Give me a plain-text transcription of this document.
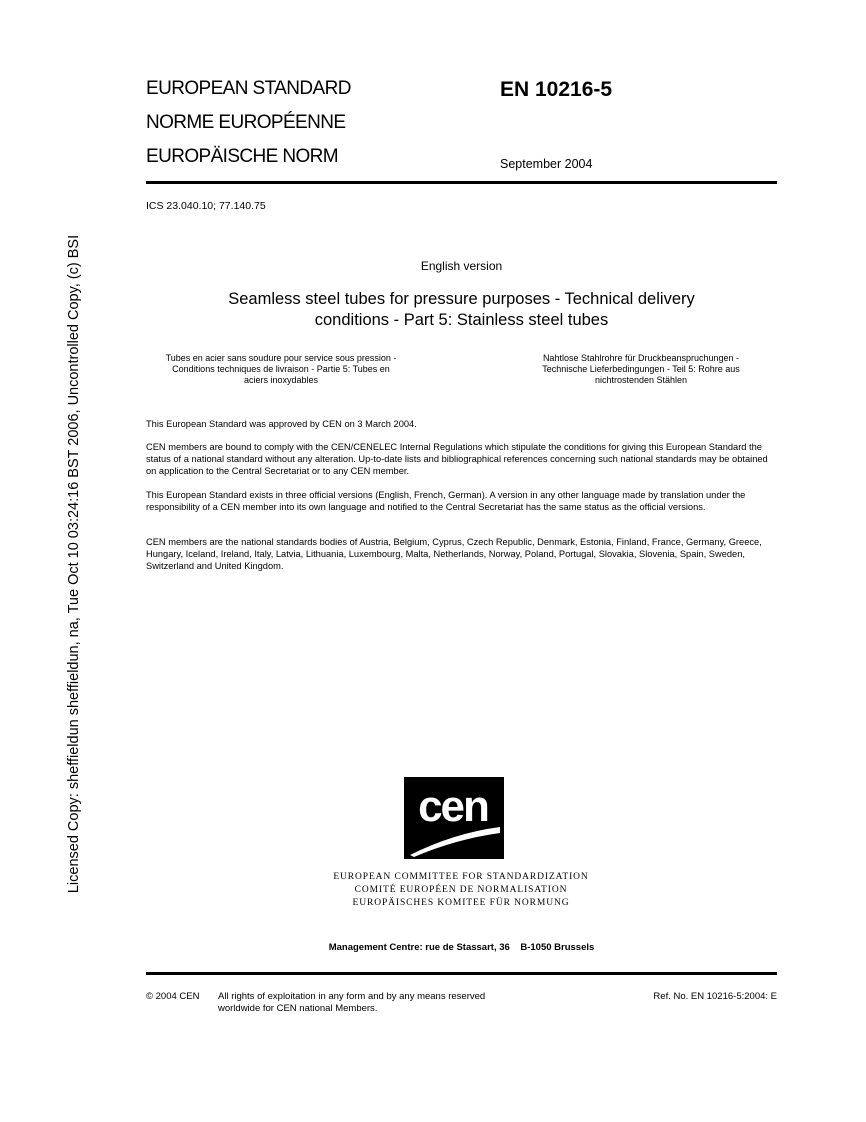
Licensed Copy: sheffieldun sheffieldun, na, Tue Oct 10 03:24:16 BST 2006, Uncontrolled Copy, (c) BSI
EUROPEAN STANDARD
NORME EUROPÉENNE
EUROPÄISCHE NORM
EN 10216-5
September 2004
ICS 23.040.10; 77.140.75
English version
Seamless steel tubes for pressure purposes - Technical delivery
conditions - Part 5: Stainless steel tubes
Tubes en acier sans soudure pour service sous pression -
Conditions techniques de livraison - Partie 5: Tubes en
aciers inoxydables
Nahtlose Stahlrohre für Druckbeanspruchungen -
Technische Lieferbedingungen - Teil 5: Rohre aus
nichtrostenden Stählen
This European Standard was approved by CEN on 3 March 2004.
CEN members are bound to comply with the CEN/CENELEC Internal Regulations which stipulate the conditions for giving this European Standard the status of a national standard without any alteration. Up-to-date lists and bibliographical references concerning such national standards may be obtained on application to the Central Secretariat or to any CEN member.
This European Standard exists in three official versions (English, French, German). A version in any other language made by translation under the responsibility of a CEN member into its own language and notified to the Central Secretariat has the same status as the official versions.
CEN members are the national standards bodies of Austria, Belgium, Cyprus, Czech Republic, Denmark, Estonia, Finland, France, Germany, Greece, Hungary, Iceland, Ireland, Italy, Latvia, Lithuania, Luxembourg, Malta, Netherlands, Norway, Poland, Portugal, Slovakia, Slovenia, Spain, Sweden, Switzerland and United Kingdom.
cen
EUROPEAN COMMITTEE FOR STANDARDIZATION
COMITÉ EUROPÉEN DE NORMALISATION
EUROPÄISCHES KOMITEE FÜR NORMUNG
Management Centre: rue de Stassart, 36    B-1050 Brussels
© 2004 CEN All rights of exploitation in any form and by any means reserved
worldwide for CEN national Members.
Ref. No. EN 10216-5:2004: E
